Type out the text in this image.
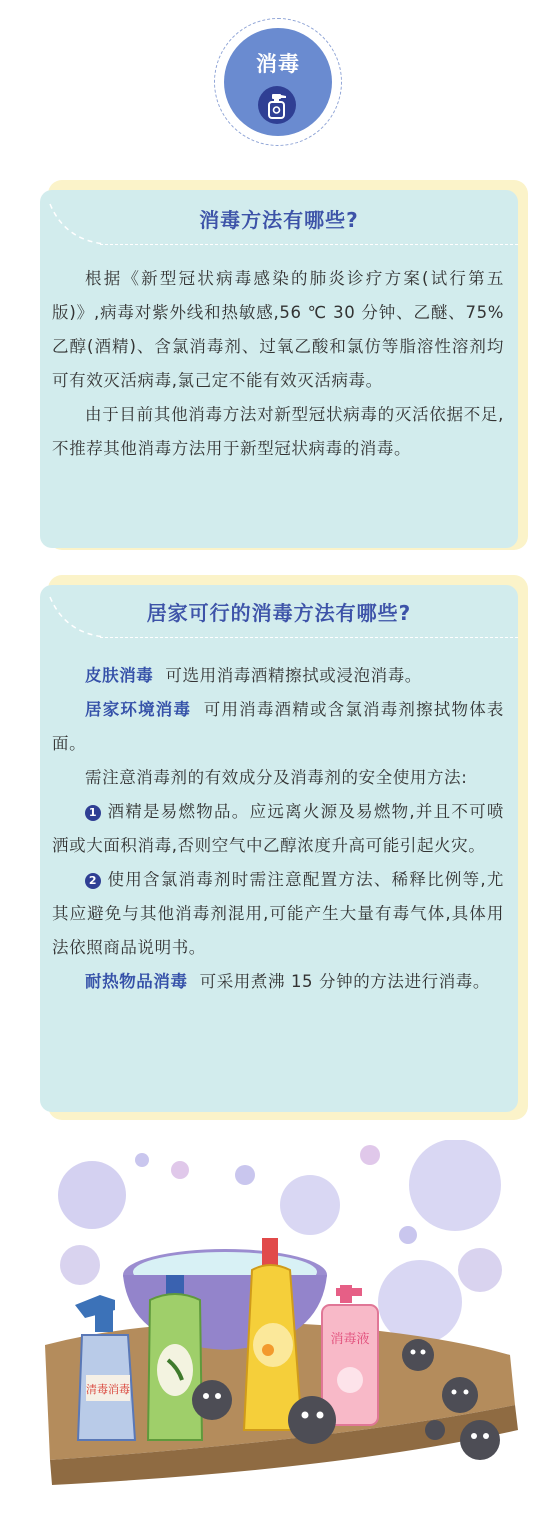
消毒
消毒方法有哪些?

根据《新型冠状病毒感染的肺炎诊疗方案(试行第五版)》,病毒对紫外线和热敏感,56 ℃ 30 分钟、乙醚、75% 乙醇(酒精)、含氯消毒剂、过氧乙酸和氯仿等脂溶性溶剂均可有效灭活病毒,氯己定不能有效灭活病毒。

由于目前其他消毒方法对新型冠状病毒的灭活依据不足,不推荐其他消毒方法用于新型冠状病毒的消毒。

居家可行的消毒方法有哪些?

皮肤消毒 可选用消毒酒精擦拭或浸泡消毒。

居家环境消毒 可用消毒酒精或含氯消毒剂擦拭物体表面。

需注意消毒剂的有效成分及消毒剂的安全使用方法:

1 酒精是易燃物品。应远离火源及易燃物,并且不可喷洒或大面积消毒,否则空气中乙醇浓度升高可能引起火灾。

2 使用含氯消毒剂时需注意配置方法、稀释比例等,尤其应避免与其他消毒剂混用,可能产生大量有毒气体,具体用法依照商品说明书。

耐热物品消毒 可采用煮沸 15 分钟的方法进行消毒。

清毒消毒
消毒液
